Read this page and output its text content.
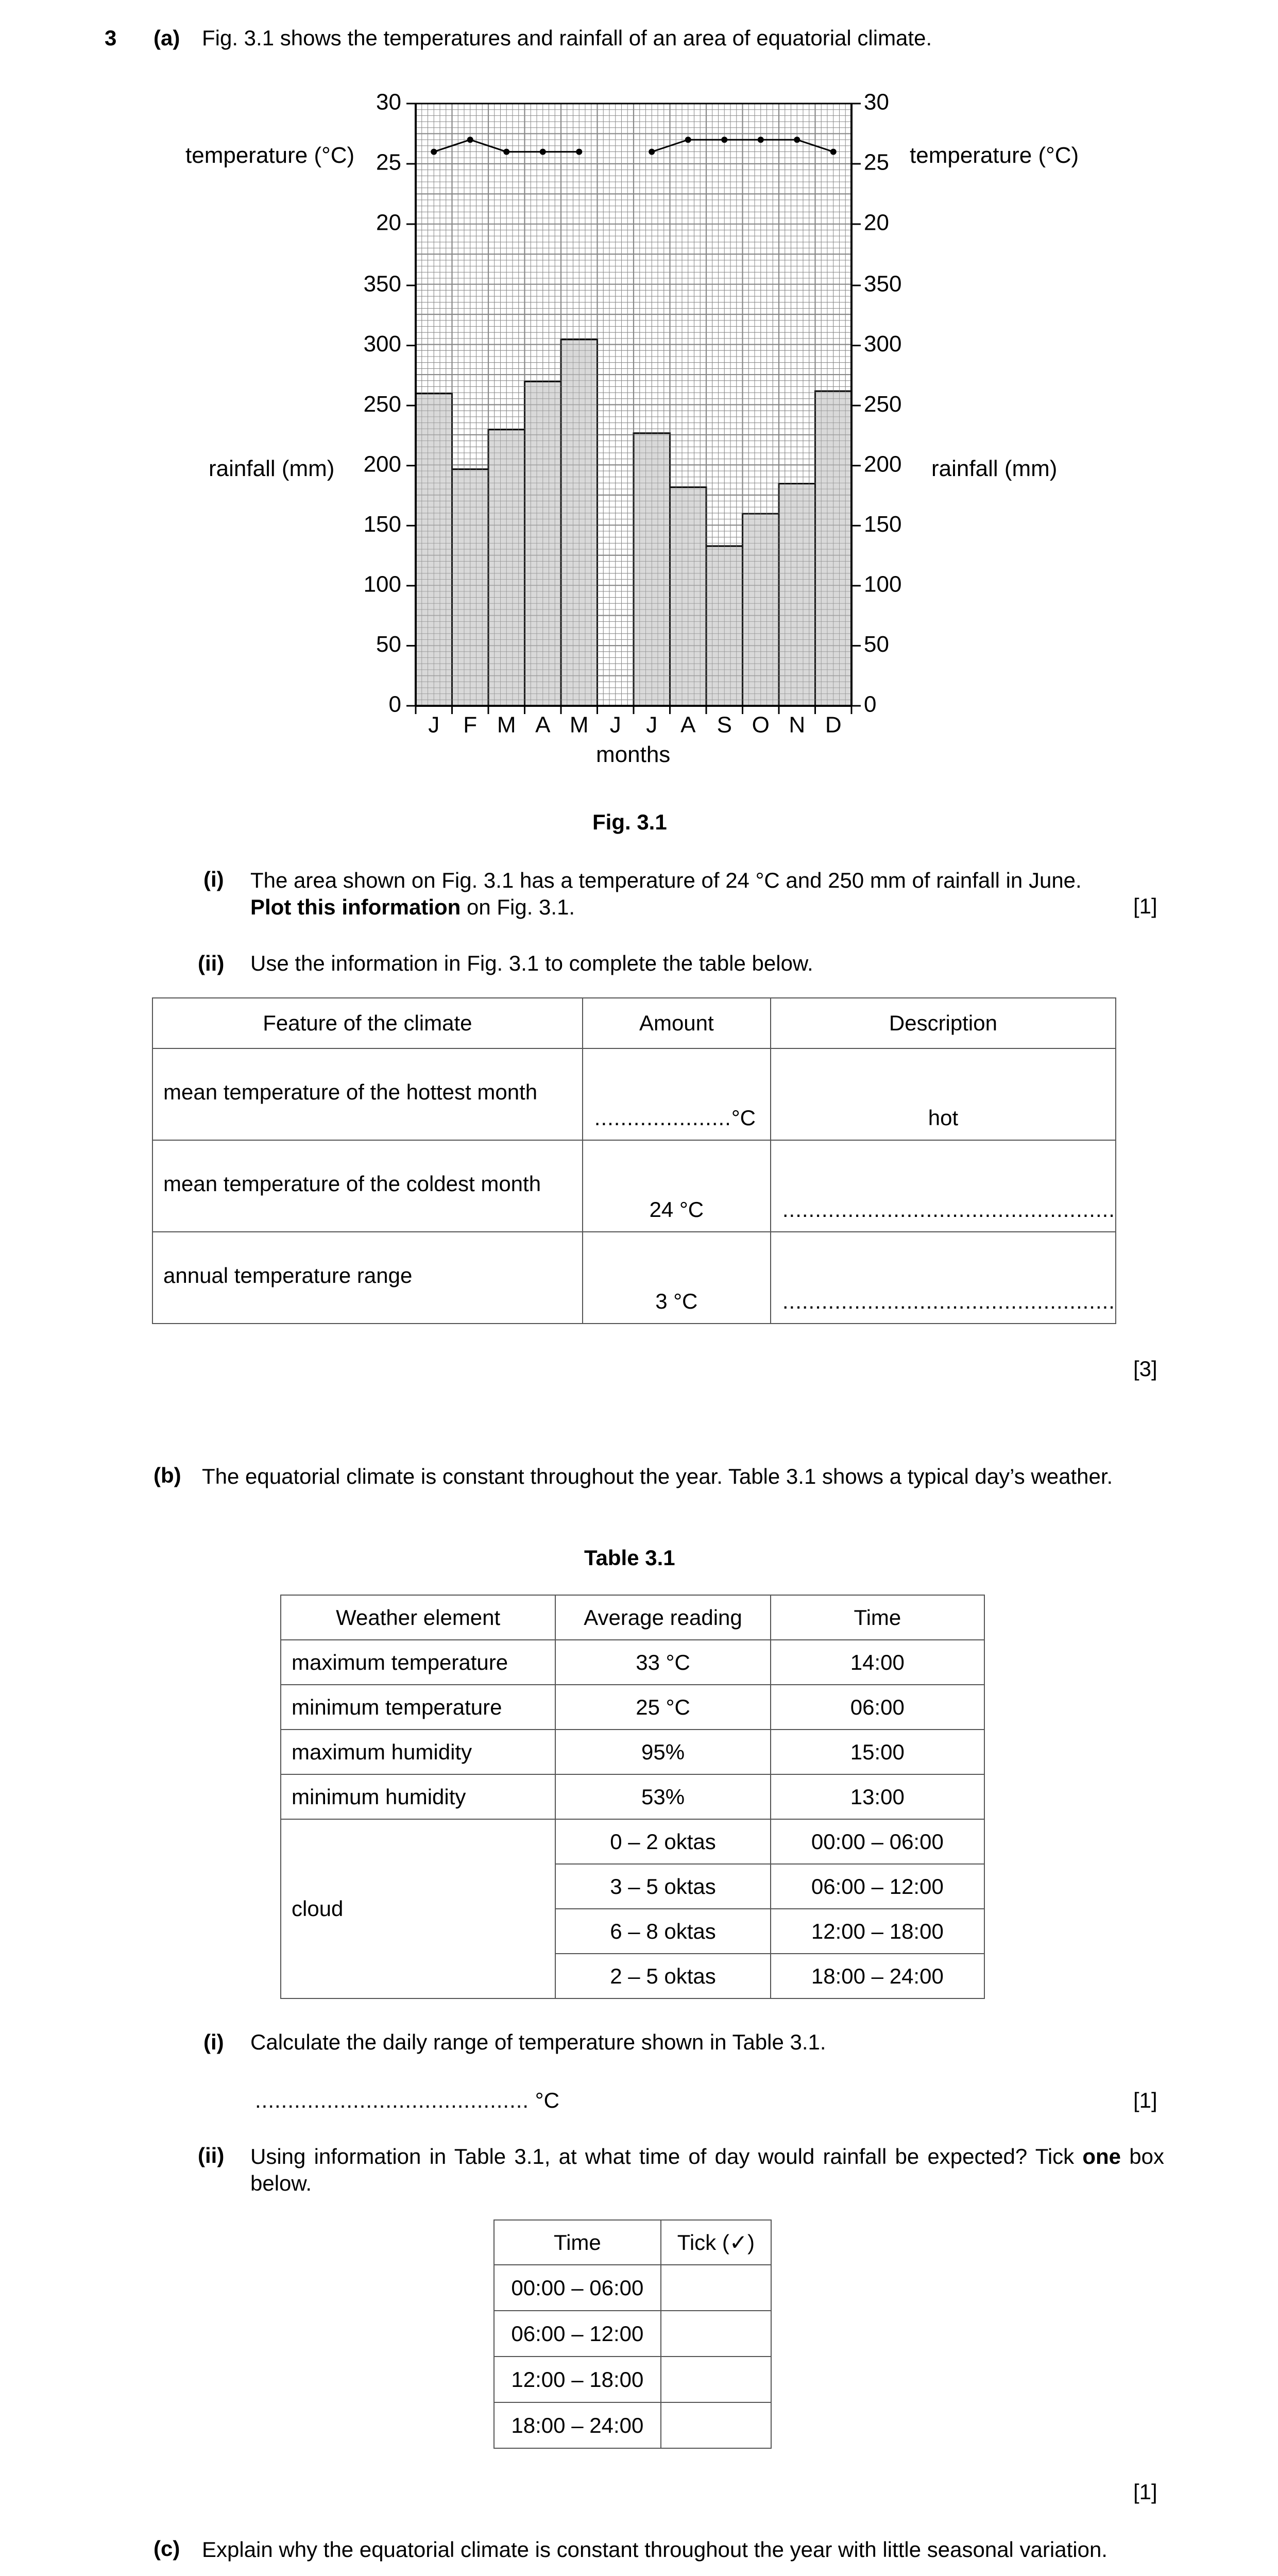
3 (a) Fig. 3.1 shows the temperatures and rainfall of an area of equatorial climate.
20	20
25	25
30	30
0	0
50	50
100	100
150	150
200	200
250	250
300	300
350	350
J F M A M J J A S O N D
temperature (°C)	temperature (°C)
rainfall (mm)	rainfall (mm)
months
Fig. 3.1
(i) The area shown on Fig. 3.1 has a temperature of 24 °C and 250 mm of rainfall in June.
Plot this information on Fig. 3.1.	[1]
(ii) Use the information in Fig. 3.1 to complete the table below.
Feature of the climate	Amount	Description
mean temperature of the hottest month	.....................°C	hot
mean temperature of the coldest month	24 °C	...................................................
annual temperature range	3 °C	...................................................
[3]
(b) The equatorial climate is constant throughout the year. Table 3.1 shows a typical day’s weather.
Table 3.1
Weather element	Average reading	Time
maximum temperature	33 °C	14:00
minimum temperature	25 °C	06:00
maximum humidity	95%	15:00
minimum humidity	53%	13:00
cloud	0 – 2 oktas	00:00 – 06:00
	3 – 5 oktas	06:00 – 12:00
	6 – 8 oktas	12:00 – 18:00
	2 – 5 oktas	18:00 – 24:00
(i) Calculate the daily range of temperature shown in Table 3.1.
.......................................... °C	[1]
(ii) Using information in Table 3.1, at what time of day would rainfall be expected? Tick one box below.
Time	Tick (✓)
00:00 – 06:00	
06:00 – 12:00	
12:00 – 18:00	
18:00 – 24:00	
[1]
(c) Explain why the equatorial climate is constant throughout the year with little seasonal variation.
